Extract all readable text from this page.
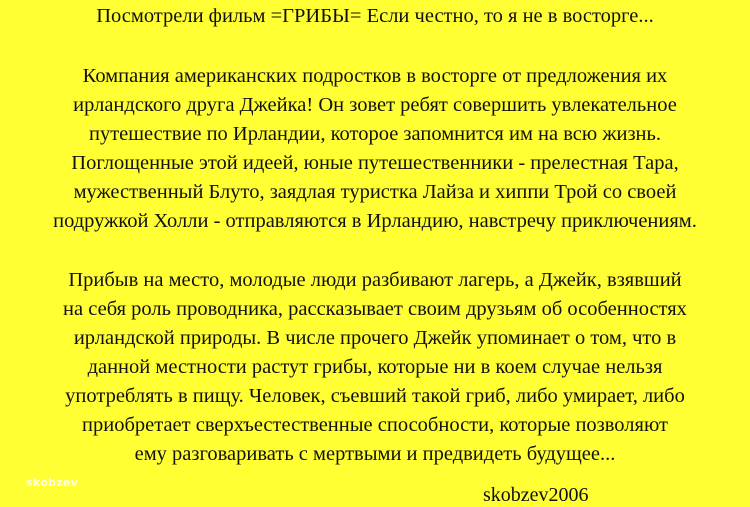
Посмотрели фильм =ГРИБЫ= Если честно, то я не в восторге...
Компания американских подростков в восторге от предложения их
ирландского друга Джейка! Он зовет ребят совершить увлекательное
путешествие по Ирландии, которое запомнится им на всю жизнь.
Поглощенные этой идеей, юные путешественники - прелестная Тара,
мужественный Блуто, заядлая туристка Лайза и хиппи Трой со своей
подружкой Холли - отправляются в Ирландию, навстречу приключениям.
Прибыв на место, молодые люди разбивают лагерь, а Джейк, взявший
на себя роль проводника, рассказывает своим друзьям об особенностях
ирландской природы. В числе прочего Джейк упоминает о том, что в
данной местности растут грибы, которые ни в коем случае нельзя
употреблять в пищу. Человек, съевший такой гриб, либо умирает, либо
приобретает сверхъестественные способности, которые позволяют
ему разговаривать с мертвыми и предвидеть будущее...
skobzev
skobzev2006
